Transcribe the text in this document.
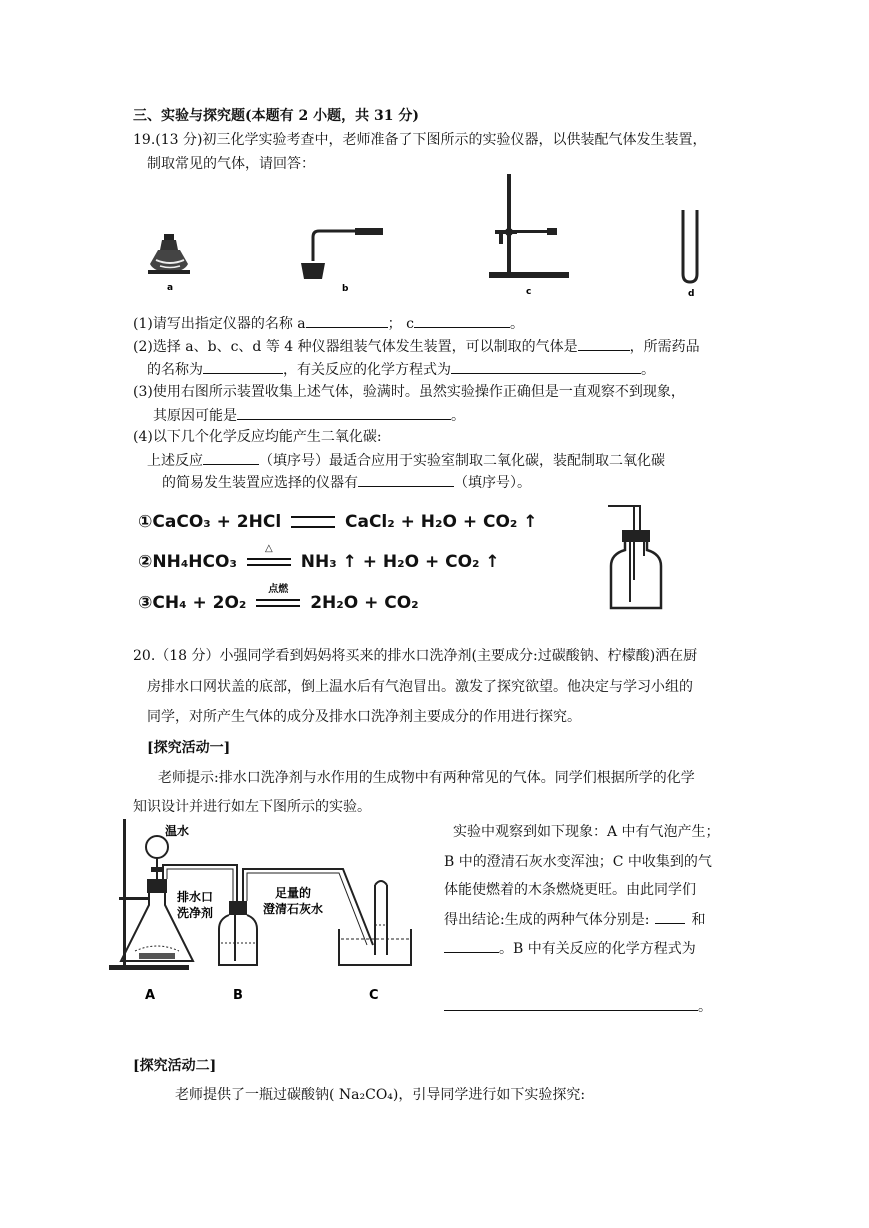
三、实验与探究题(本题有 2 小题，共 31 分)
19.(13 分)初三化学实验考查中，老师准备了下图所示的实验仪器，以供装配气体发生装置，
制取常见的气体，请回答：
a	b	c	d
(1)请写出指定仪器的名称 a	； c	。
(2)选择 a、b、c、d 等 4 种仪器组装气体发生装置，可以制取的气体是	，所需药品
的名称为	，有关反应的化学方程式为	。
(3)使用右图所示装置收集上述气体，验满时。虽然实验操作正确但是一直观察不到现象，
其原因可能是	。
(4)以下几个化学反应均能产生二氧化碳:
上述反应	（填序号）最适合应用于实验室制取二氧化碳，装配制取二氧化碳
的简易发生装置应选择的仪器有	（填序号）。
①CaCO₃ + 2HCl	CaCl₂ + H₂O + CO₂ ↑
②NH₄HCO₃
△
NH₃ ↑ + H₂O + CO₂ ↑
③CH₄ + 2O₂
点燃
2H₂O + CO₂
20.（18 分）小强同学看到妈妈将买来的排水口洗净剂(主要成分:过碳酸钠、柠檬酸)洒在厨
房排水口网状盖的底部，倒上温水后有气泡冒出。激发了探究欲望。他决定与学习小组的
同学，对所产生气体的成分及排水口洗净剂主要成分的作用进行探究。
[探究活动一]
老师提示:排水口洗净剂与水作用的生成物中有两种常见的气体。同学们根据所学的化学
知识设计并进行如左下图所示的实验。
温水
排水口
洗净剂
足量的
澄清石灰水
A	B	C
实验中观察到如下现象：A 中有气泡产生；
B 中的澄清石灰水变浑浊；C 中收集到的气
体能使燃着的木条燃烧更旺。由此同学们
得出结论:生成的两种气体分别是:	和
。B 中有关反应的化学方程式为
。
[探究活动二]
老师提供了一瓶过碳酸钠( Na₂CO₄)，引导同学进行如下实验探究:
